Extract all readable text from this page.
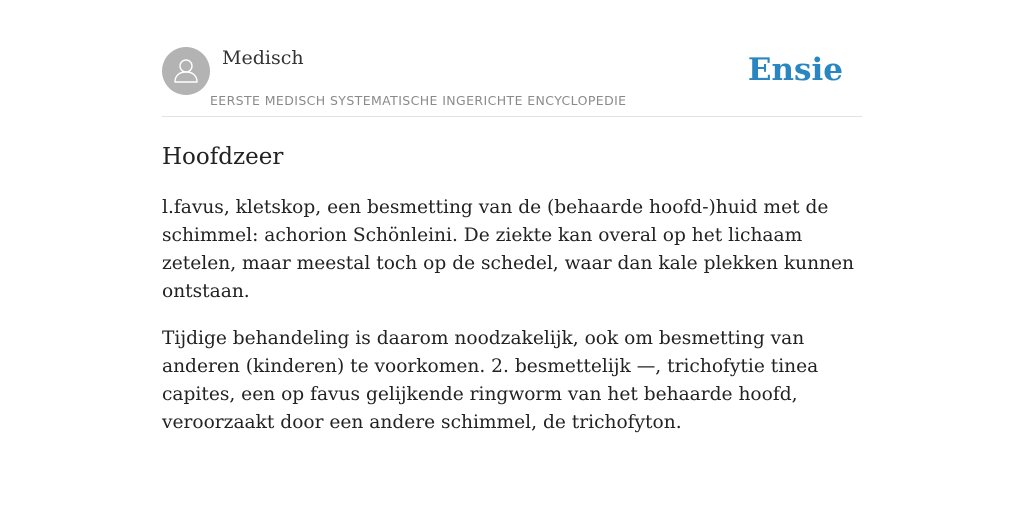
Medisch
EERSTE MEDISCH SYSTEMATISCHE INGERICHTE ENCYCLOPEDIE
Ensie
Hoofdzeer

l.favus, kletskop, een besmetting van de (behaarde hoofd-)huid met de schimmel: achorion Schönleini. De ziekte kan overal op het lichaam zetelen, maar meestal toch op de schedel, waar dan kale plekken kunnen ontstaan.

Tijdige behandeling is daarom noodzakelijk, ook om besmetting van anderen (kinderen) te voorkomen. 2. besmettelijk —, trichofytie tinea capites, een op favus gelijkende ringworm van het behaarde hoofd, veroorzaakt door een andere schimmel, de trichofyton.
